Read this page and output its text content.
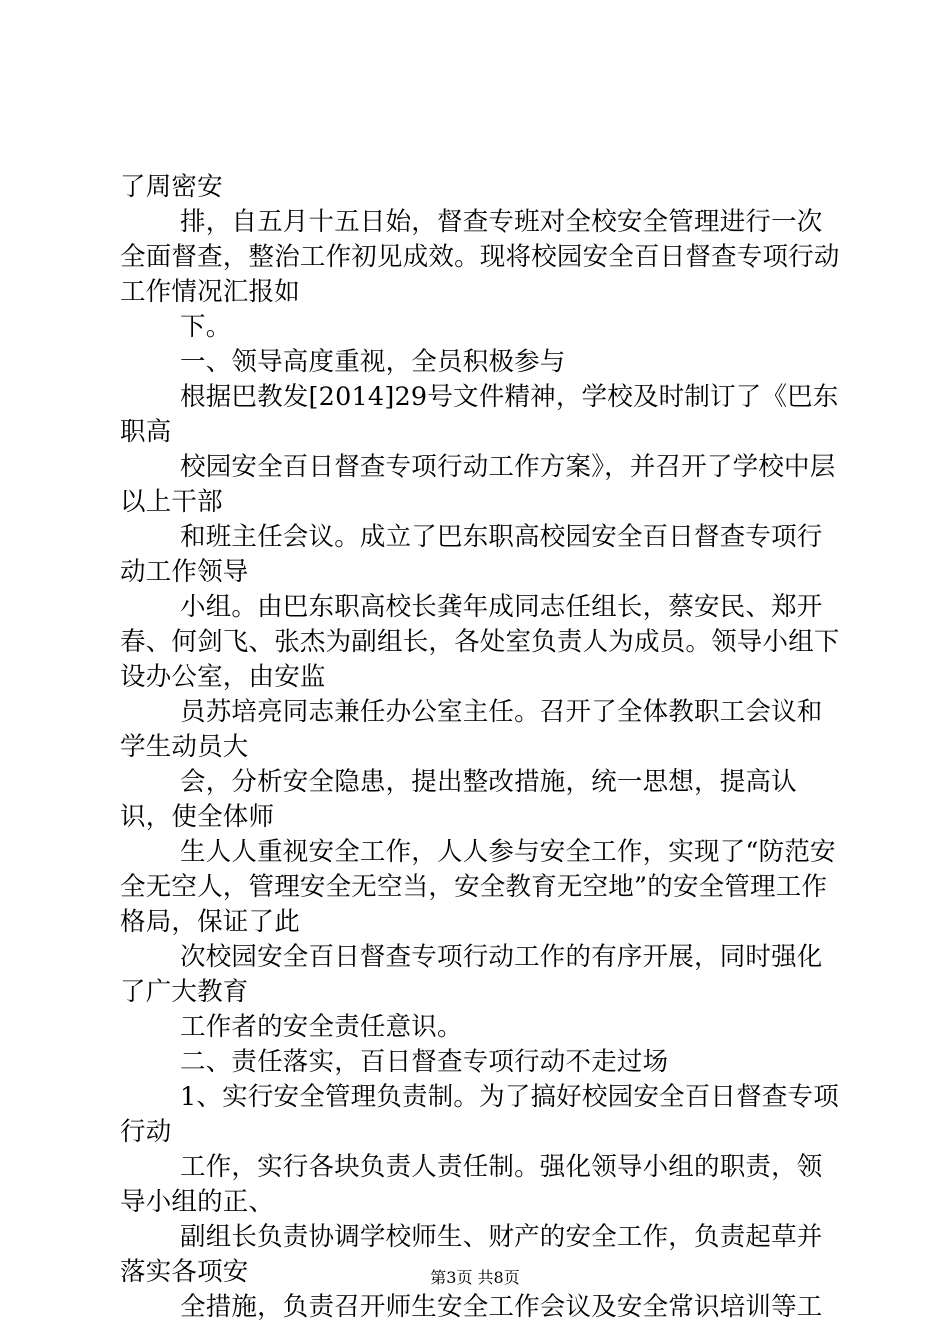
了周密安

排，自五月十五日始，督查专班对全校安全管理进行一次全面督查，整治工作初见成效。现将校园安全百日督查专项行动工作情况汇报如

下。

一、领导高度重视，全员积极参与

根据巴教发[2014]29号文件精神，学校及时制订了《巴东职高

校园安全百日督查专项行动工作方案》，并召开了学校中层以上干部

和班主任会议。成立了巴东职高校园安全百日督查专项行动工作领导

小组。由巴东职高校长龚年成同志任组长，蔡安民、郑开春、何剑飞、张杰为副组长，各处室负责人为成员。领导小组下设办公室，由安监

员苏培亮同志兼任办公室主任。召开了全体教职工会议和学生动员大

会，分析安全隐患，提出整改措施，统一思想，提高认识，使全体师

生人人重视安全工作，人人参与安全工作，实现了“防范安全无空人，管理安全无空当，安全教育无空地”的安全管理工作格局，保证了此

次校园安全百日督查专项行动工作的有序开展，同时强化了广大教育

工作者的安全责任意识。

二、责任落实，百日督查专项行动不走过场

1、实行安全管理负责制。为了搞好校园安全百日督查专项行动

工作，实行各块负责人责任制。强化领导小组的职责，领导小组的正、

副组长负责协调学校师生、财产的安全工作，负责起草并落实各项安

全措施，负责召开师生安全工作会议及安全常识培训等工

第3页 共8页
